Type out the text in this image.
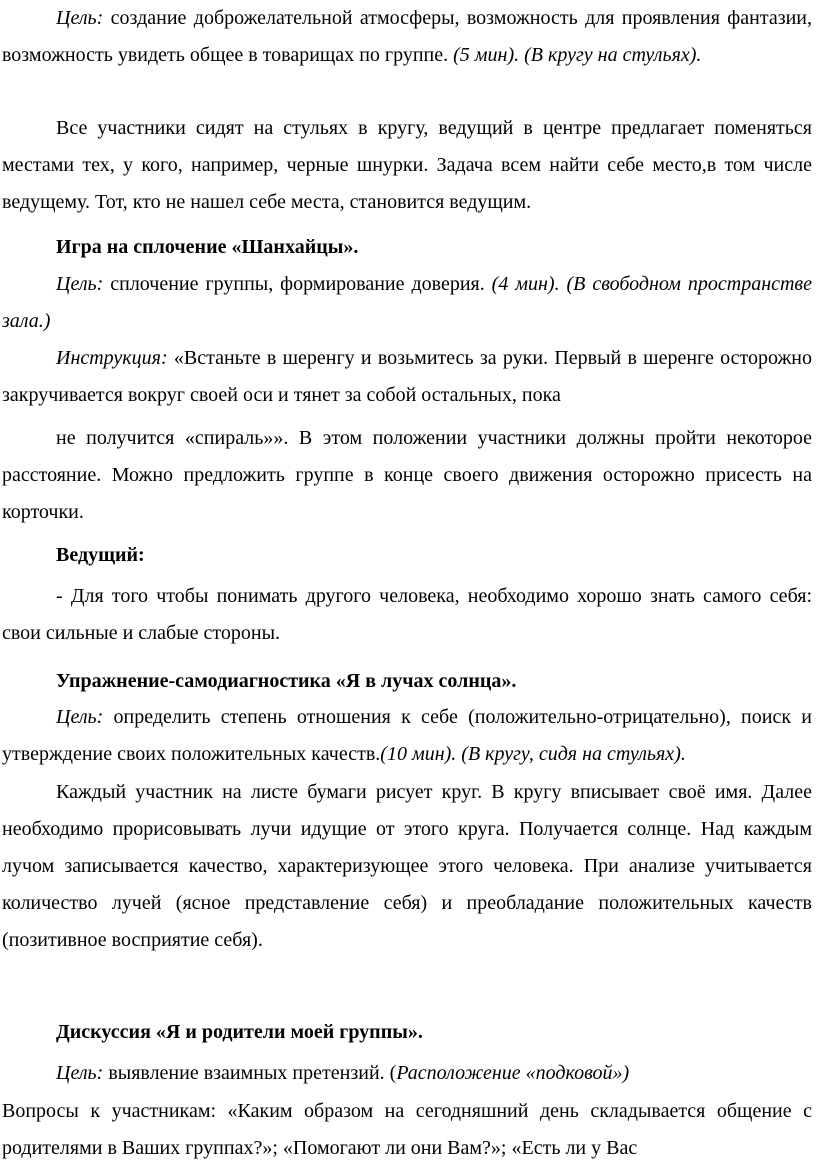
Цель: создание доброжелательной атмосферы, возможность для проявления фантазии, возможность увидеть общее в товарищах по группе. (5 мин). (В кругу на стульях).

Все участники сидят на стульях в кругу, ведущий в центре предлагает поменяться местами тех, у кого, например, черные шнурки. Задача всем найти себе место,в том числе ведущему. Тот, кто не нашел себе места, становится ведущим.

Игра на сплочение «Шанхайцы».

Цель: сплочение группы, формирование доверия. (4 мин). (В свободном пространстве зала.)

Инструкция: «Встаньте в шеренгу и возьмитесь за руки. Первый в шеренге осторожно закручивается вокруг своей оси и тянет за собой остальных, пока

не получится «спираль»». В этом положении участники должны пройти некоторое расстояние. Можно предложить группе в конце своего движения осторожно присесть на корточки.

Ведущий:

- Для того чтобы понимать другого человека, необходимо хорошо знать самого себя: свои сильные и слабые стороны.

Упражнение-самодиагностика «Я в лучах солнца».

Цель: определить степень отношения к себе (положительно-отрицательно), поиск и утверждение своих положительных качеств.(10 мин). (В кругу, сидя на стульях).

Каждый участник на листе бумаги рисует круг. В кругу вписывает своё имя. Далее необходимо прорисовывать лучи идущие от этого круга. Получается солнце. Над каждым лучом записывается качество, характеризующее этого человека. При анализе учитывается количество лучей (ясное представление себя) и преобладание положительных качеств (позитивное восприятие себя).

Дискуссия «Я и родители моей группы».

Цель: выявление взаимных претензий. (Расположение «подковой»)

Вопросы к участникам: «Каким образом на сегодняшний день складывается общение с родителями в Ваших группах?»; «Помогают ли они Вам?»; «Есть ли у Вас
